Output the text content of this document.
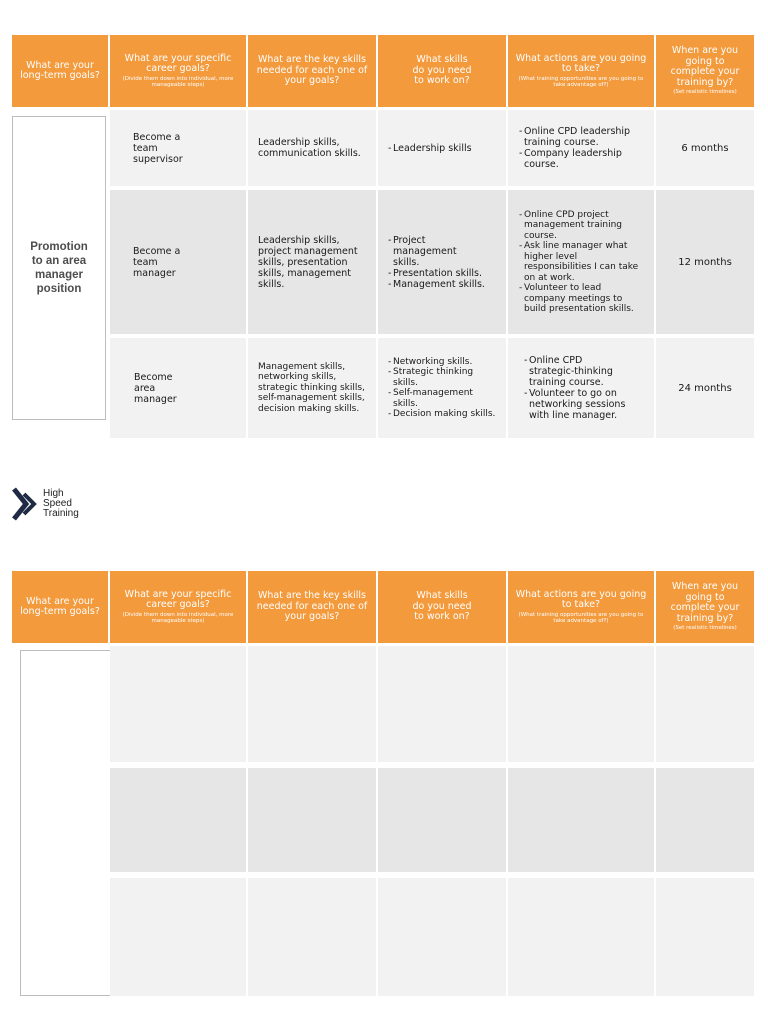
What are your long-term goals?
What are your specific career goals?
(Divide them down into individual, more manageable steps)
What are the key skills needed for each one of your goals?
What skills do you need to work on?
What actions are you going to take?
(What training opportunities are you going to take advantage of?)
When are you going to complete your training by?
(Set realistic timelines)
Promotion to an area manager position
Become a team supervisor
Leadership skills, communication skills.
-	Leadership skills
- Online CPD leadership training course.
- Company leadership course.
6 months
Become a team manager
Leadership skills, project management skills, presentation skills, management skills.
- Project management skills.
- Presentation skills.
- Management skills.
- Online CPD project management training course.
- Ask line manager what higher level responsibilities I can take on at work.
- Volunteer to lead company meetings to build presentation skills.
12 months
Become area manager
Management skills, networking skills, strategic thinking skills, self-management skills, decision making skills.
- Networking skills.
- Strategic thinking skills.
- Self-management skills.
- Decision making skills.
- Online CPD strategic-thinking training course.
- Volunteer to go on networking sessions with line manager.
24 months
High
Speed
Training
What are your long-term goals?
What are your specific career goals?
(Divide them down into individual, more manageable steps)
What are the key skills needed for each one of your goals?
What skills do you need to work on?
What actions are you going to take?
(What training opportunities are you going to take advantage of?)
When are you going to complete your training by?
(Set realistic timelines)
